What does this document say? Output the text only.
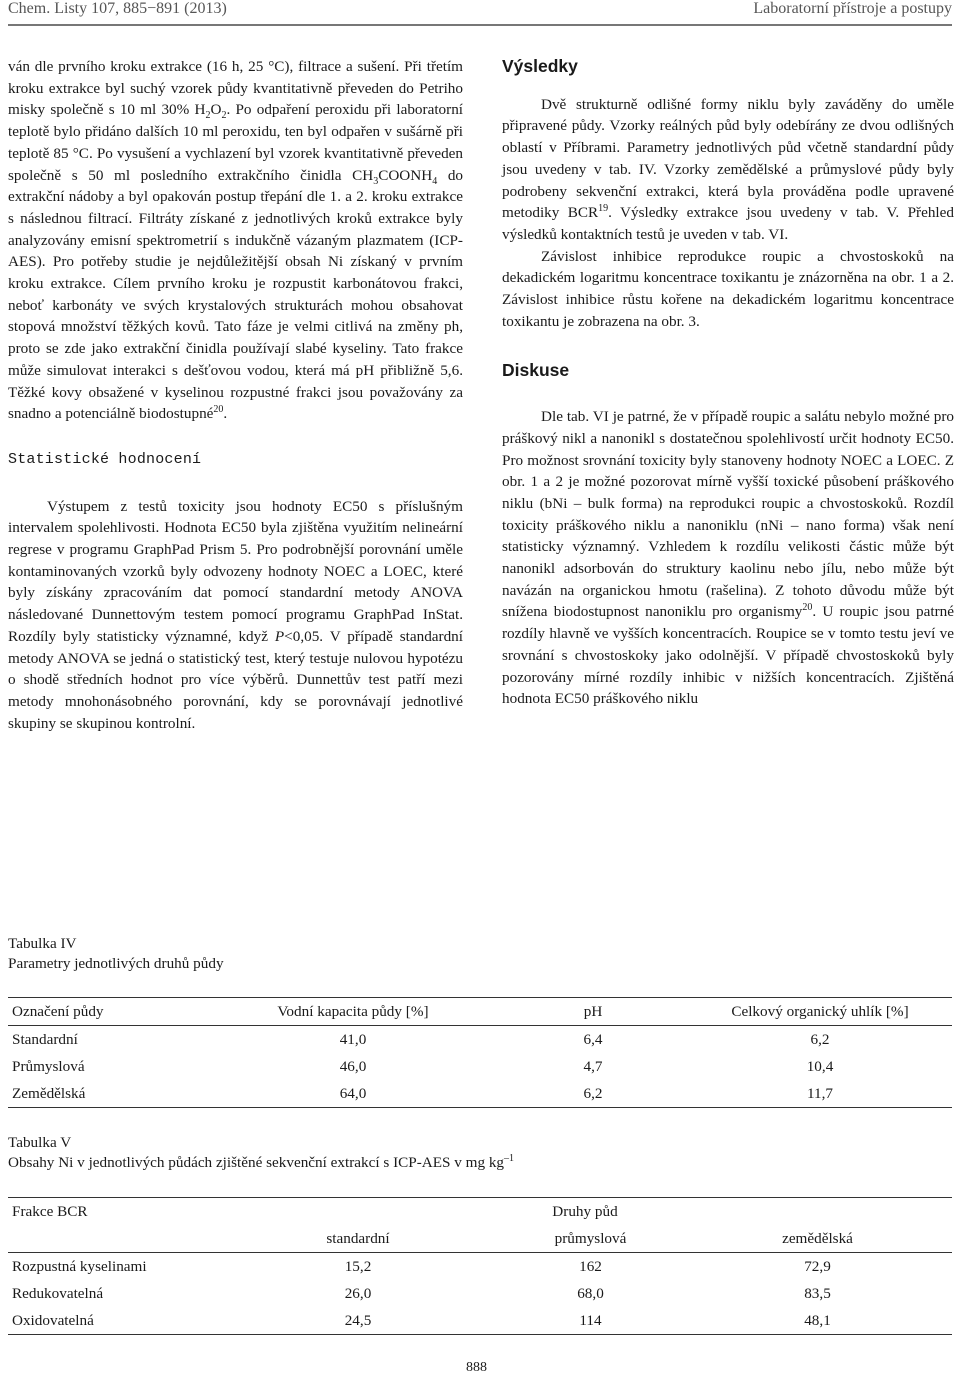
Chem. Listy 107, 885−891 (2013)	Laboratorní přístroje a postupy

ván dle prvního kroku extrakce (16 h, 25 °C), filtrace a sušení. Při třetím kroku extrakce byl suchý vzorek půdy kvantitativně převeden do Petriho misky společně s 10 ml 30% $H_2O_2$. Po odpaření peroxidu při laboratorní teplotě bylo přidáno dalších 10 ml peroxidu, ten byl odpařen v sušárně při teplotě 85 °C. Po vysušení a vychlazení byl vzorek kvantitativně převeden společně s 50 ml posledního extrakčního činidla $CH_3COONH_4$ do extrakční nádoby a byl opakován postup třepání dle 1. a 2. kroku extrakce s následnou filtrací. Filtráty získané z jednotlivých kroků extrakce byly analyzovány emisní spektrometrií s indukčně vázaným plazmatem (ICP-AES). Pro potřeby studie je nejdůležitější obsah Ni získaný v prvním kroku extrakce. Cílem prvního kroku je rozpustit karbonátovou frakci, neboť karbonáty ve svých krystalových strukturách mohou obsahovat stopová množství těžkých kovů. Tato fáze je velmi citlivá na změny ph, proto se zde jako extrakční činidla používají slabé kyseliny. Tato frakce může simulovat interakci s dešťovou vodou, která má pH přibližně 5,6. Těžké kovy obsažené v kyselinou rozpustné frakci jsou považovány za snadno a potenciálně biodostupné$^{20}$.

Statistické hodnocení

Výstupem z testů toxicity jsou hodnoty EC50 s příslušným intervalem spolehlivosti. Hodnota EC50 byla zjištěna využitím nelineární regrese v programu GraphPad Prism 5. Pro podrobnější porovnání uměle kontaminovaných vzorků byly odvozeny hodnoty NOEC a LOEC, které byly získány zpracováním dat pomocí standardní metody ANOVA následované Dunnettovým testem pomocí programu GraphPad InStat. Rozdíly byly statisticky významné, když P<0,05. V případě standardní metody ANOVA se jedná o statistický test, který testuje nulovou hypotézu o shodě středních hodnot pro více výběrů. Dunnettův test patří mezi metody mnohonásobného porovnání, kdy se porovnávají jednotlivé skupiny se skupinou kontrolní.

Výsledky

Dvě strukturně odlišné formy niklu byly zaváděny do uměle připravené půdy. Vzorky reálných půd byly odebírány ze dvou odlišných oblastí v Příbrami. Parametry jednotlivých půd včetně standardní půdy jsou uvedeny v tab. IV. Vzorky zemědělské a průmyslové půdy byly podrobeny sekvenční extrakci, která byla prováděna podle upravené metodiky BCR$^{19}$. Výsledky extrakce jsou uvedeny v tab. V. Přehled výsledků kontaktních testů je uveden v tab. VI.

Závislost inhibice reprodukce roupic a chvostoskoků na dekadickém logaritmu koncentrace toxikantu je znázorněna na obr. 1 a 2. Závislost inhibice růstu kořene na dekadickém logaritmu koncentrace toxikantu je zobrazena na obr. 3.

Diskuse

Dle tab. VI je patrné, že v případě roupic a salátu nebylo možné pro práškový nikl a nanonikl s dostatečnou spolehlivostí určit hodnoty EC50. Pro možnost srovnání toxicity byly stanoveny hodnoty NOEC a LOEC. Z obr. 1 a 2 je možné pozorovat mírně vyšší toxické působení práškového niklu (bNi – bulk forma) na reprodukci roupic a chvostoskoků. Rozdíl toxicity práškového niklu a nanoniklu (nNi – nano forma) však není statisticky významný. Vzhledem k rozdílu velikosti částic může být nanonikl adsorbován do struktury kaolinu nebo jílu, nebo může být navázán na organickou hmotu (rašelina). Z tohoto důvodu může být snížena biodostupnost nanoniklu pro organismy$^{20}$. U roupic jsou patrné rozdíly hlavně ve vyšších koncentracích. Roupice se v tomto testu jeví ve srovnání s chvostoskoky jako odolnější. V případě chvostoskoků byly pozorovány mírné rozdíly inhibic v nižších koncentracích. Zjištěná hodnota EC50 práškového niklu

Tabulka IV
Parametry jednotlivých druhů půdy
Označení půdy	Vodní kapacita půdy [%]	pH	Celkový organický uhlík [%]
Standardní	41,0	6,4	6,2
Průmyslová	46,0	4,7	10,4
Zemědělská	64,0	6,2	11,7
Tabulka V
Obsahy Ni v jednotlivých půdách zjištěné sekvenční extrakcí s ICP-AES v mg $kg^{-1}$
Frakce BCR	Druhy půd		
	standardní	průmyslová	zemědělská
Rozpustná kyselinami	15,2	162	72,9
Redukovatelná	26,0	68,0	83,5
Oxidovatelná	24,5	114	48,1
888
